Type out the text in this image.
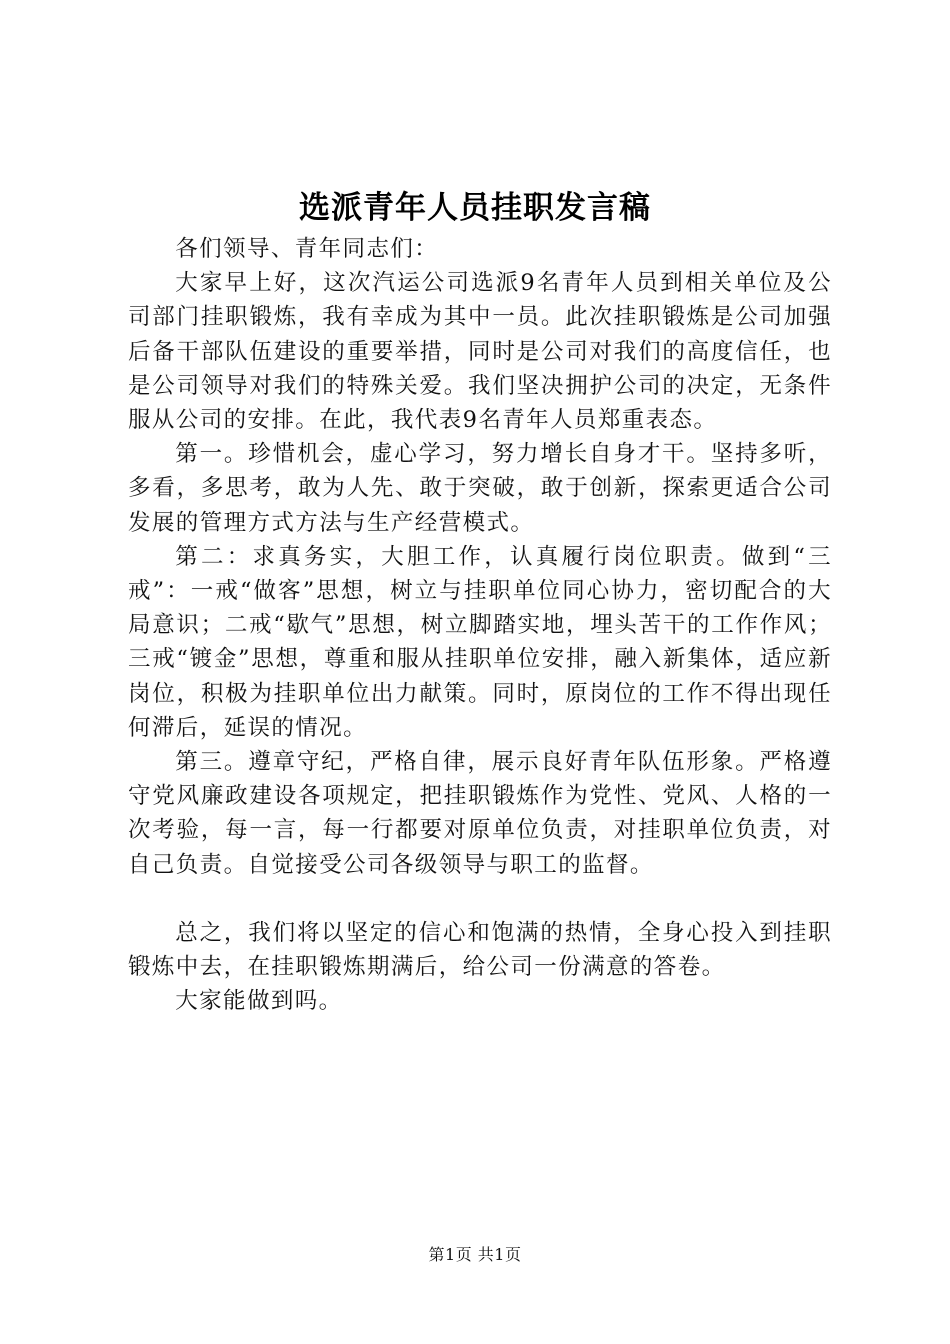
选派青年人员挂职发言稿

各们领导、青年同志们：

大家早上好，这次汽运公司选派9名青年人员到相关单位及公司部门挂职锻炼，我有幸成为其中一员。此次挂职锻炼是公司加强后备干部队伍建设的重要举措，同时是公司对我们的高度信任，也是公司领导对我们的特殊关爱。我们坚决拥护公司的决定，无条件服从公司的安排。在此，我代表9名青年人员郑重表态。

第一。珍惜机会，虚心学习，努力增长自身才干。坚持多听，多看，多思考，敢为人先、敢于突破，敢于创新，探索更适合公司发展的管理方式方法与生产经营模式。

第二：求真务实，大胆工作，认真履行岗位职责。做到“三戒”：一戒“做客”思想，树立与挂职单位同心协力，密切配合的大局意识；二戒“歇气”思想，树立脚踏实地，埋头苦干的工作作风；三戒“镀金”思想，尊重和服从挂职单位安排，融入新集体，适应新岗位，积极为挂职单位出力献策。同时，原岗位的工作不得出现任何滞后，延误的情况。

第三。遵章守纪，严格自律，展示良好青年队伍形象。严格遵守党风廉政建设各项规定，把挂职锻炼作为党性、党风、人格的一次考验，每一言，每一行都要对原单位负责，对挂职单位负责，对自己负责。自觉接受公司各级领导与职工的监督。

总之，我们将以坚定的信心和饱满的热情，全身心投入到挂职锻炼中去，在挂职锻炼期满后，给公司一份满意的答卷。

大家能做到吗。

第1页 共1页
